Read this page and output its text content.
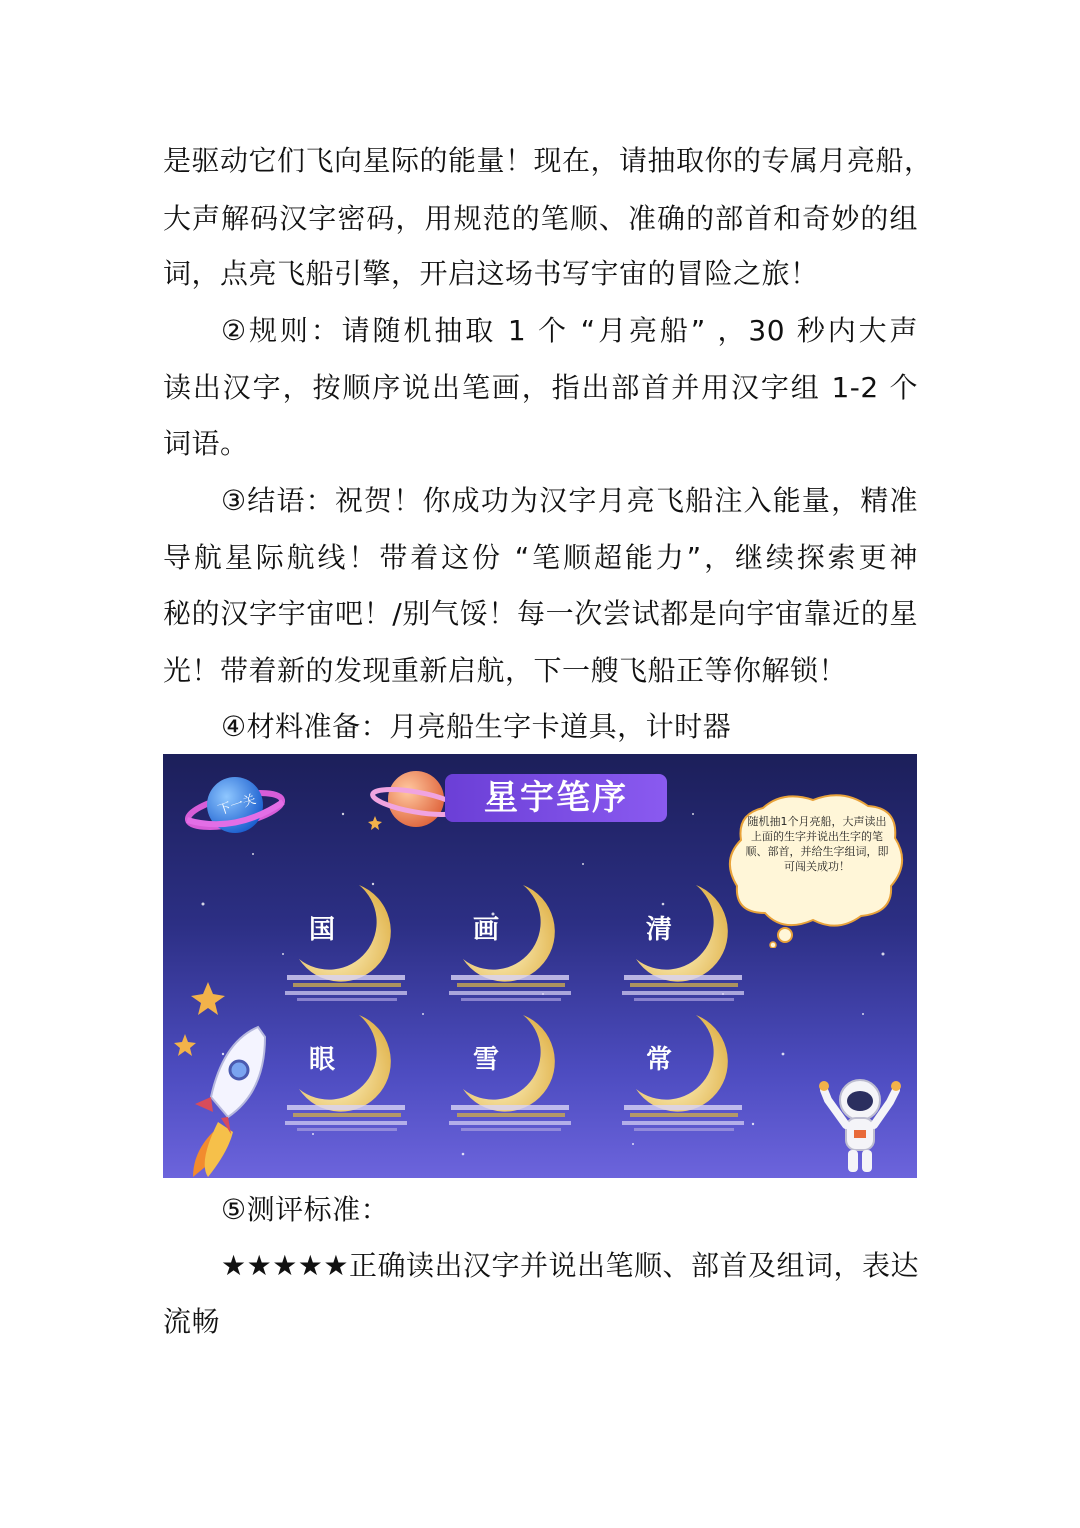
是驱动它们飞向星际的能量！现在，请抽取你的专属月亮船，
大声解码汉字密码，用规范的笔顺、准确的部首和奇妙的组
词，点亮飞船引擎，开启这场书写宇宙的冒险之旅！
②规则：请随机抽取 1 个 “月亮船” ，30 秒内大声
读出汉字，按顺序说出笔画，指出部首并用汉字组 1-2 个
词语。
③结语：祝贺！你成功为汉字月亮飞船注入能量，精准
导航星际航线！带着这份 “笔顺超能力”，继续探索更神
秘的汉字宇宙吧！/别气馁！每一次尝试都是向宇宙靠近的星
光！带着新的发现重新启航，下一艘飞船正等你解锁！
④材料准备：月亮船生字卡道具，计时器
下一关	星宇笔序
随机抽1个月亮船，大声读出上面的生字并说出生字的笔顺、部首，并给生字组词，即可闯关成功！
国	画	清
眼	雪	常
⑤测评标准：
★★★★★正确读出汉字并说出笔顺、部首及组词，表达
流畅
